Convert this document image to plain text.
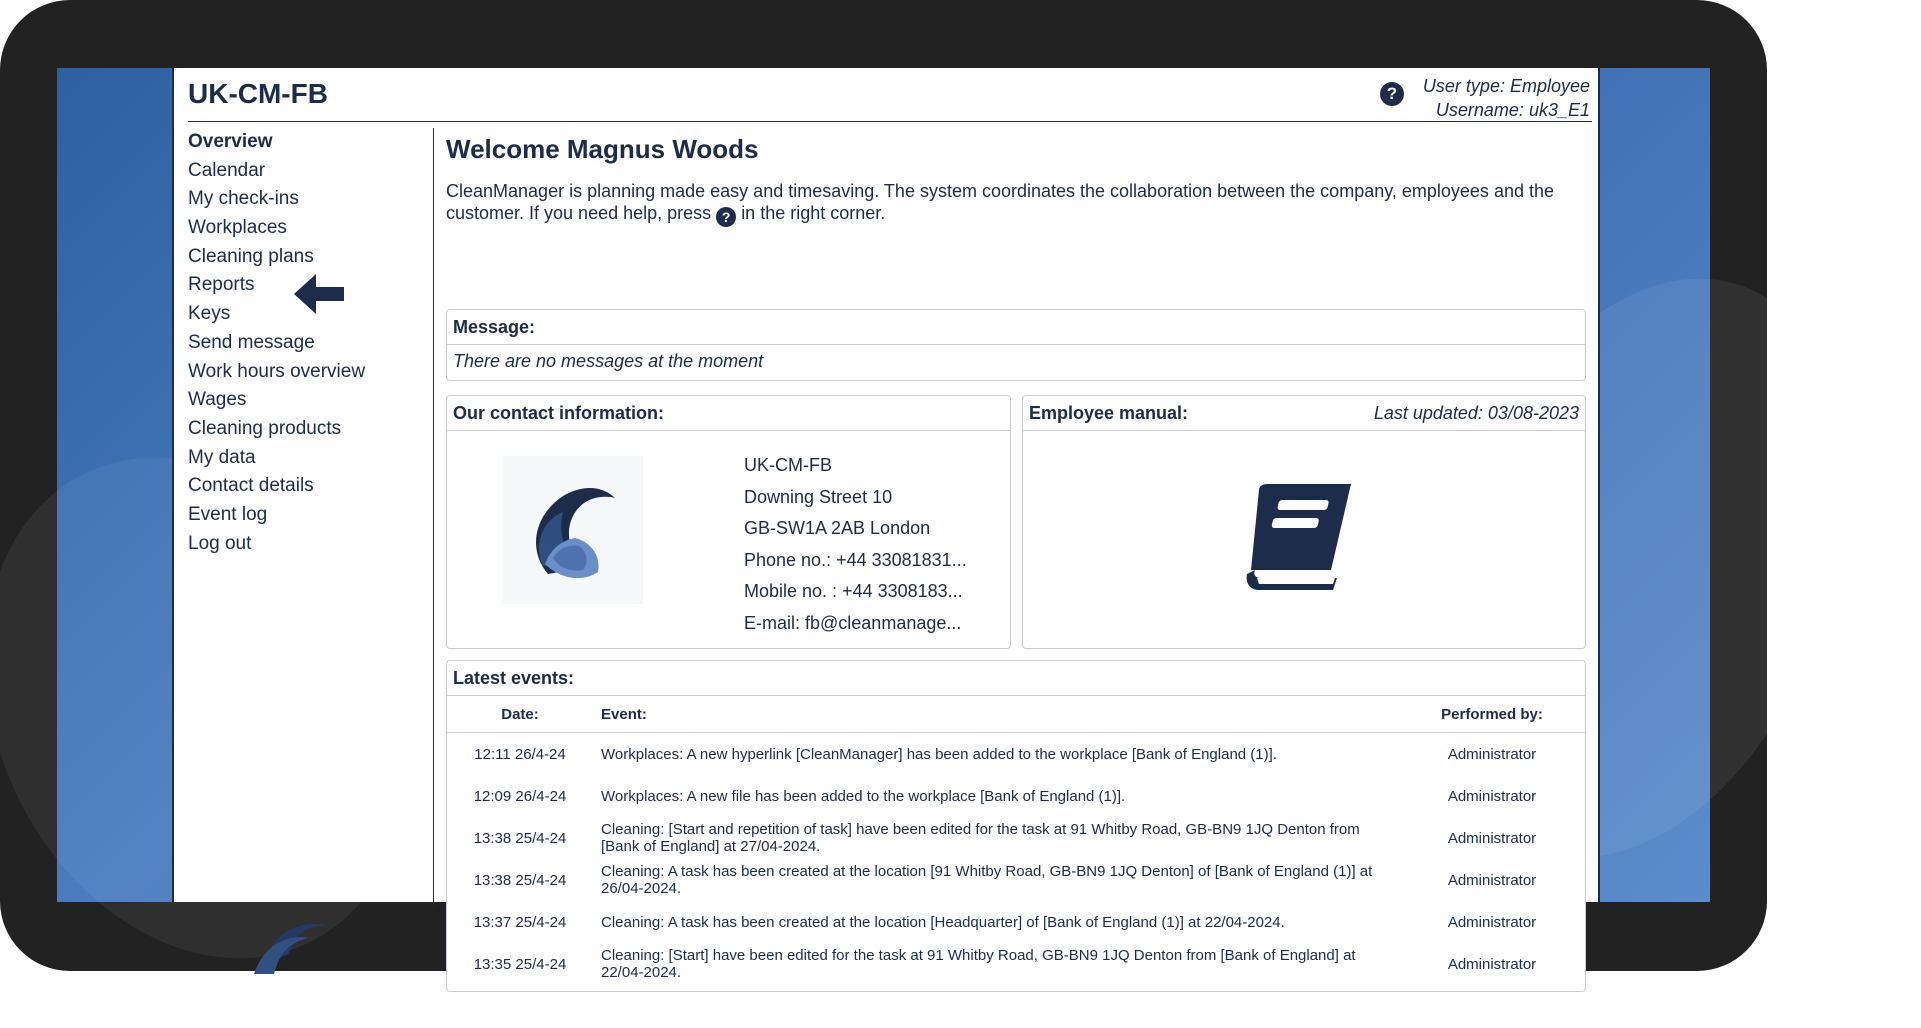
UK-CM-FB	?	User type: Employee
Username: uk3_E1
Overview
Calendar
My check-ins
Workplaces
Cleaning plans
Reports
Keys
Send message
Work hours overview
Wages
Cleaning products
My data
Contact details
Event log
Log out
Welcome Magnus Woods
CleanManager is planning made easy and timesaving. The system coordinates the collaboration between the company, employees and the customer. If you need help, press ? in the right corner.
Message:
There are no messages at the moment
Our contact information:
UK-CM-FB
Downing Street 10
GB-SW1A 2AB London
Phone no.: +44 33081831...
Mobile no. : +44 3308183...
E-mail: fb@cleanmanage...
Employee manual:	Last updated: 03/08-2023
Latest events:
Date:	Event:	Performed by:
12:11 26/4-24	Workplaces: A new hyperlink [CleanManager] has been added to the workplace [Bank of England (1)].	Administrator
12:09 26/4-24	Workplaces: A new file has been added to the workplace [Bank of England (1)].	Administrator
13:38 25/4-24	Cleaning: [Start and repetition of task] have been edited for the task at 91 Whitby Road, GB-BN9 1JQ Denton from [Bank of England] at 27/04-2024.	Administrator
13:38 25/4-24	Cleaning: A task has been created at the location [91 Whitby Road, GB-BN9 1JQ Denton] of [Bank of England (1)] at 26/04-2024.	Administrator
13:37 25/4-24	Cleaning: A task has been created at the location [Headquarter] of [Bank of England (1)] at 22/04-2024.	Administrator
13:35 25/4-24	Cleaning: [Start] have been edited for the task at 91 Whitby Road, GB-BN9 1JQ Denton from [Bank of England] at 22/04-2024.	Administrator
